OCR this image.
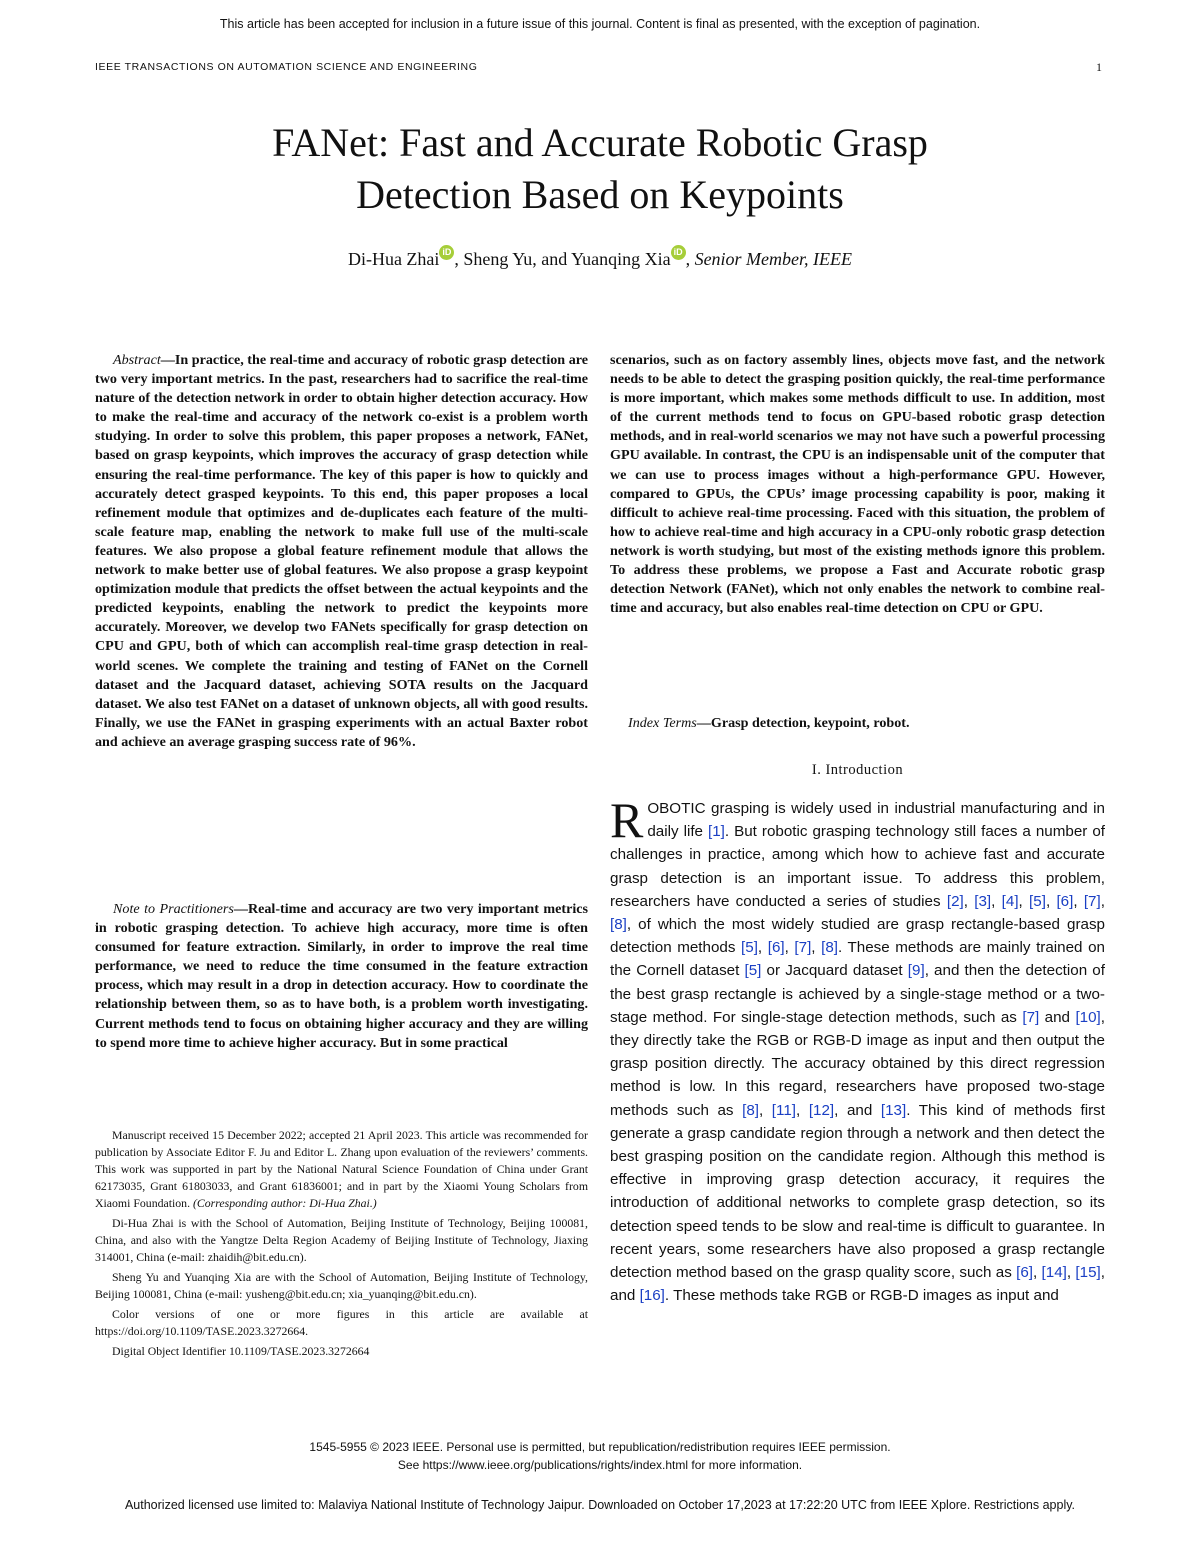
This article has been accepted for inclusion in a future issue of this journal. Content is final as presented, with the exception of pagination.
IEEE TRANSACTIONS ON AUTOMATION SCIENCE AND ENGINEERING	1
FANet: Fast and Accurate Robotic Grasp
Detection Based on Keypoints
Di-Hua Zhai iD , Sheng Yu, and Yuanqing Xia iD , Senior Member, IEEE

Abstract—In practice, the real-time and accuracy of robotic grasp detection are two very important metrics. In the past, researchers had to sacrifice the real-time nature of the detection network in order to obtain higher detection accuracy. How to make the real-time and accuracy of the network co-exist is a problem worth studying. In order to solve this problem, this paper proposes a network, FANet, based on grasp keypoints, which improves the accuracy of grasp detection while ensuring the real-time performance. The key of this paper is how to quickly and accurately detect grasped keypoints. To this end, this paper proposes a local refinement module that optimizes and de-duplicates each feature of the multi-scale feature map, enabling the network to make full use of the multi-scale features. We also propose a global feature refinement module that allows the network to make better use of global features. We also propose a grasp keypoint optimization module that predicts the offset between the actual keypoints and the predicted keypoints, enabling the network to predict the keypoints more accurately. Moreover, we develop two FANets specifically for grasp detection on CPU and GPU, both of which can accomplish real-time grasp detection in real-world scenes. We complete the training and testing of FANet on the Cornell dataset and the Jacquard dataset, achieving SOTA results on the Jacquard dataset. We also test FANet on a dataset of unknown objects, all with good results. Finally, we use the FANet in grasping experiments with an actual Baxter robot and achieve an average grasping success rate of 96%.

Note to Practitioners—Real-time and accuracy are two very important metrics in robotic grasping detection. To achieve high accuracy, more time is often consumed for feature extraction. Similarly, in order to improve the real time performance, we need to reduce the time consumed in the feature extraction process, which may result in a drop in detection accuracy. How to coordinate the relationship between them, so as to have both, is a problem worth investigating. Current methods tend to focus on obtaining higher accuracy and they are willing to spend more time to achieve higher accuracy. But in some practical

Manuscript received 15 December 2022; accepted 21 April 2023. This article was recommended for publication by Associate Editor F. Ju and Editor L. Zhang upon evaluation of the reviewers’ comments. This work was supported in part by the National Natural Science Foundation of China under Grant 62173035, Grant 61803033, and Grant 61836001; and in part by the Xiaomi Young Scholars from Xiaomi Foundation. (Corresponding author: Di-Hua Zhai.)

Di-Hua Zhai is with the School of Automation, Beijing Institute of Technology, Beijing 100081, China, and also with the Yangtze Delta Region Academy of Beijing Institute of Technology, Jiaxing 314001, China (e-mail: zhaidih@bit.edu.cn).

Sheng Yu and Yuanqing Xia are with the School of Automation, Beijing Institute of Technology, Beijing 100081, China (e-mail: yusheng@bit.edu.cn; xia_yuanqing@bit.edu.cn).

Color versions of one or more figures in this article are available at https://doi.org/10.1109/TASE.2023.3272664.

Digital Object Identifier 10.1109/TASE.2023.3272664

scenarios, such as on factory assembly lines, objects move fast, and the network needs to be able to detect the grasping position quickly, the real-time performance is more important, which makes some methods difficult to use. In addition, most of the current methods tend to focus on GPU-based robotic grasp detection methods, and in real-world scenarios we may not have such a powerful processing GPU available. In contrast, the CPU is an indispensable unit of the computer that we can use to process images without a high-performance GPU. However, compared to GPUs, the CPUs’ image processing capability is poor, making it difficult to achieve real-time processing. Faced with this situation, the problem of how to achieve real-time and high accuracy in a CPU-only robotic grasp detection network is worth studying, but most of the existing methods ignore this problem. To address these problems, we propose a Fast and Accurate robotic grasp detection Network (FANet), which not only enables the network to combine real-time and accuracy, but also enables real-time detection on CPU or GPU.

Index Terms—Grasp detection, keypoint, robot.

I. Introduction

ROBOTIC grasping is widely used in industrial manufacturing and in daily life [1]. But robotic grasping technology still faces a number of challenges in practice, among which how to achieve fast and accurate grasp detection is an important issue. To address this problem, researchers have conducted a series of studies [2], [3], [4], [5], [6], [7], [8], of which the most widely studied are grasp rectangle-based grasp detection methods [5], [6], [7], [8]. These methods are mainly trained on the Cornell dataset [5] or Jacquard dataset [9], and then the detection of the best grasp rectangle is achieved by a single-stage method or a two-stage method. For single-stage detection methods, such as [7] and [10], they directly take the RGB or RGB-D image as input and then output the grasp position directly. The accuracy obtained by this direct regression method is low. In this regard, researchers have proposed two-stage methods such as [8], [11], [12], and [13]. This kind of methods first generate a grasp candidate region through a network and then detect the best grasping position on the candidate region. Although this method is effective in improving grasp detection accuracy, it requires the introduction of additional networks to complete grasp detection, so its detection speed tends to be slow and real-time is difficult to guarantee. In recent years, some researchers have also proposed a grasp rectangle detection method based on the grasp quality score, such as [6], [14], [15], and [16]. These methods take RGB or RGB-D images as input and

1545-5955 © 2023 IEEE. Personal use is permitted, but republication/redistribution requires IEEE permission.
See https://www.ieee.org/publications/rights/index.html for more information.
Authorized licensed use limited to: Malaviya National Institute of Technology Jaipur. Downloaded on October 17,2023 at 17:22:20 UTC from IEEE Xplore. Restrictions apply.
